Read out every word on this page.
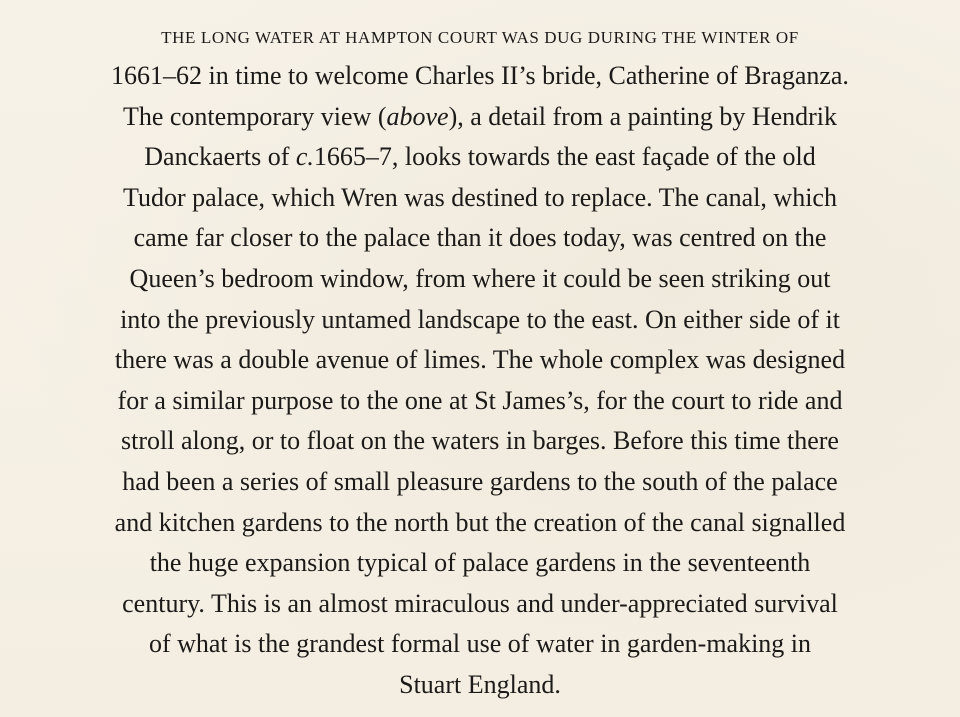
THE LONG WATER AT HAMPTON COURT WAS DUG DURING THE WINTER OF
1661–62 in time to welcome Charles II’s bride, Catherine of Braganza.
The contemporary view (above), a detail from a painting by Hendrik
Danckaerts of c.1665–7, looks towards the east façade of the old
Tudor palace, which Wren was destined to replace. The canal, which
came far closer to the palace than it does today, was centred on the
Queen’s bedroom window, from where it could be seen striking out
into the previously untamed landscape to the east. On either side of it
there was a double avenue of limes. The whole complex was designed
for a similar purpose to the one at St James’s, for the court to ride and
stroll along, or to float on the waters in barges. Before this time there
had been a series of small pleasure gardens to the south of the palace
and kitchen gardens to the north but the creation of the canal signalled
the huge expansion typical of palace gardens in the seventeenth
century. This is an almost miraculous and under-appreciated survival
of what is the grandest formal use of water in garden-making in
Stuart England.
